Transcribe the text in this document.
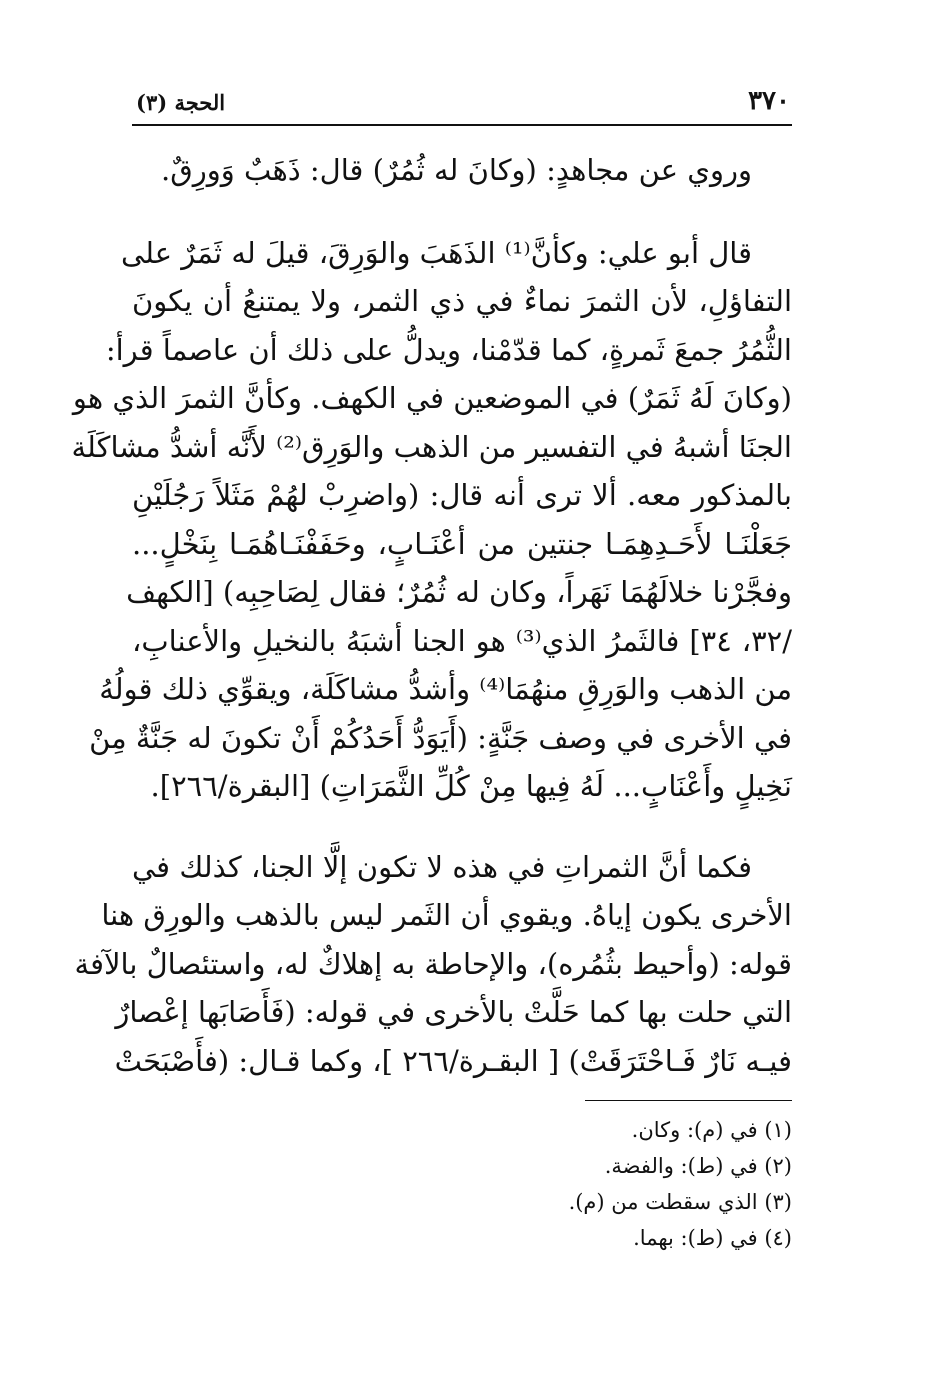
٣٧٠
الحجة (٣)
وروي عن مجاهدٍ: (وكانَ له ثُمُرٌ) قال: ذَهَبٌ وَورِقٌ.
قال أبو علي: وكأنَّ⁽¹⁾ الذَهَبَ والوَرِقَ، قيلَ له ثَمَرٌ على
التفاؤلِ، لأن الثمرَ نماءٌ في ذي الثمر، ولا يمتنعُ أن يكونَ
الثُّمُرُ جمعَ ثَمرةٍ، كما قدّمْنا، ويدلُّ على ذلك أن عاصماً قرأ:
(وكانَ لَهُ ثَمَرٌ) في الموضعين في الكهف. وكأنَّ الثمرَ الذي هو
الجنَا أشبهُ في التفسير من الذهب والوَرِق⁽²⁾ لأَنَّه أشدُّ مشاكَلَة
بالمذكور معه. ألا ترى أنه قال: (واضرِبْ لهُمْ مَثَلاً رَجُلَيْنِ
جَعَلْنَـا لأَحَـدِهِمَـا جنتين من أعْنَـابٍ، وحَفَفْنَـاهُمَـا بِنَخْلٍ...
وفجَّرْنا خلالَهُمَا نَهَراً، وكان له ثُمُرٌ؛ فقال لِصَاحِبِه) [الكهف
/٣٢، ٣٤] فالثَمرُ الذي⁽³⁾ هو الجنا أشبَهُ بالنخيلِ والأعنابِ،
من الذهب والوَرِقِ منهُمَا⁽⁴⁾ وأشدُّ مشاكَلَة، ويقوِّي ذلك قولُهُ
في الأخرى في وصف جَنَّةٍ: (أَيَوَدُّ أَحَدُكُمْ أَنْ تكونَ له جَنَّةٌ مِنْ
نَخِيلٍ وأَعْنَابٍ... لَهُ فِيها مِنْ كُلِّ الثَّمَرَاتِ) [البقرة/٢٦٦].
فكما أنَّ الثمراتِ في هذه لا تكون إلَّا الجنا، كذلك في
الأخرى يكون إياهُ. ويقوي أن الثَمر ليس بالذهب والورِق هنا
قوله: (وأحيط بثُمُره)، والإحاطة به إهلاكٌ له، واستئصالٌ بالآفة
التي حلت بها كما حَلَّتْ بالأخرى في قوله: (فَأَصَابَها إعْصارٌ
فيـه نَارٌ فَـاحْتَرَقَتْ) [ البقـرة/٢٦٦ ]، وكما قـال: (فأَصْبَحَتْ
(١) في (م): وكان.
(٢) في (ط): والفضة.
(٣) الذي سقطت من (م).
(٤) في (ط): بهما.
